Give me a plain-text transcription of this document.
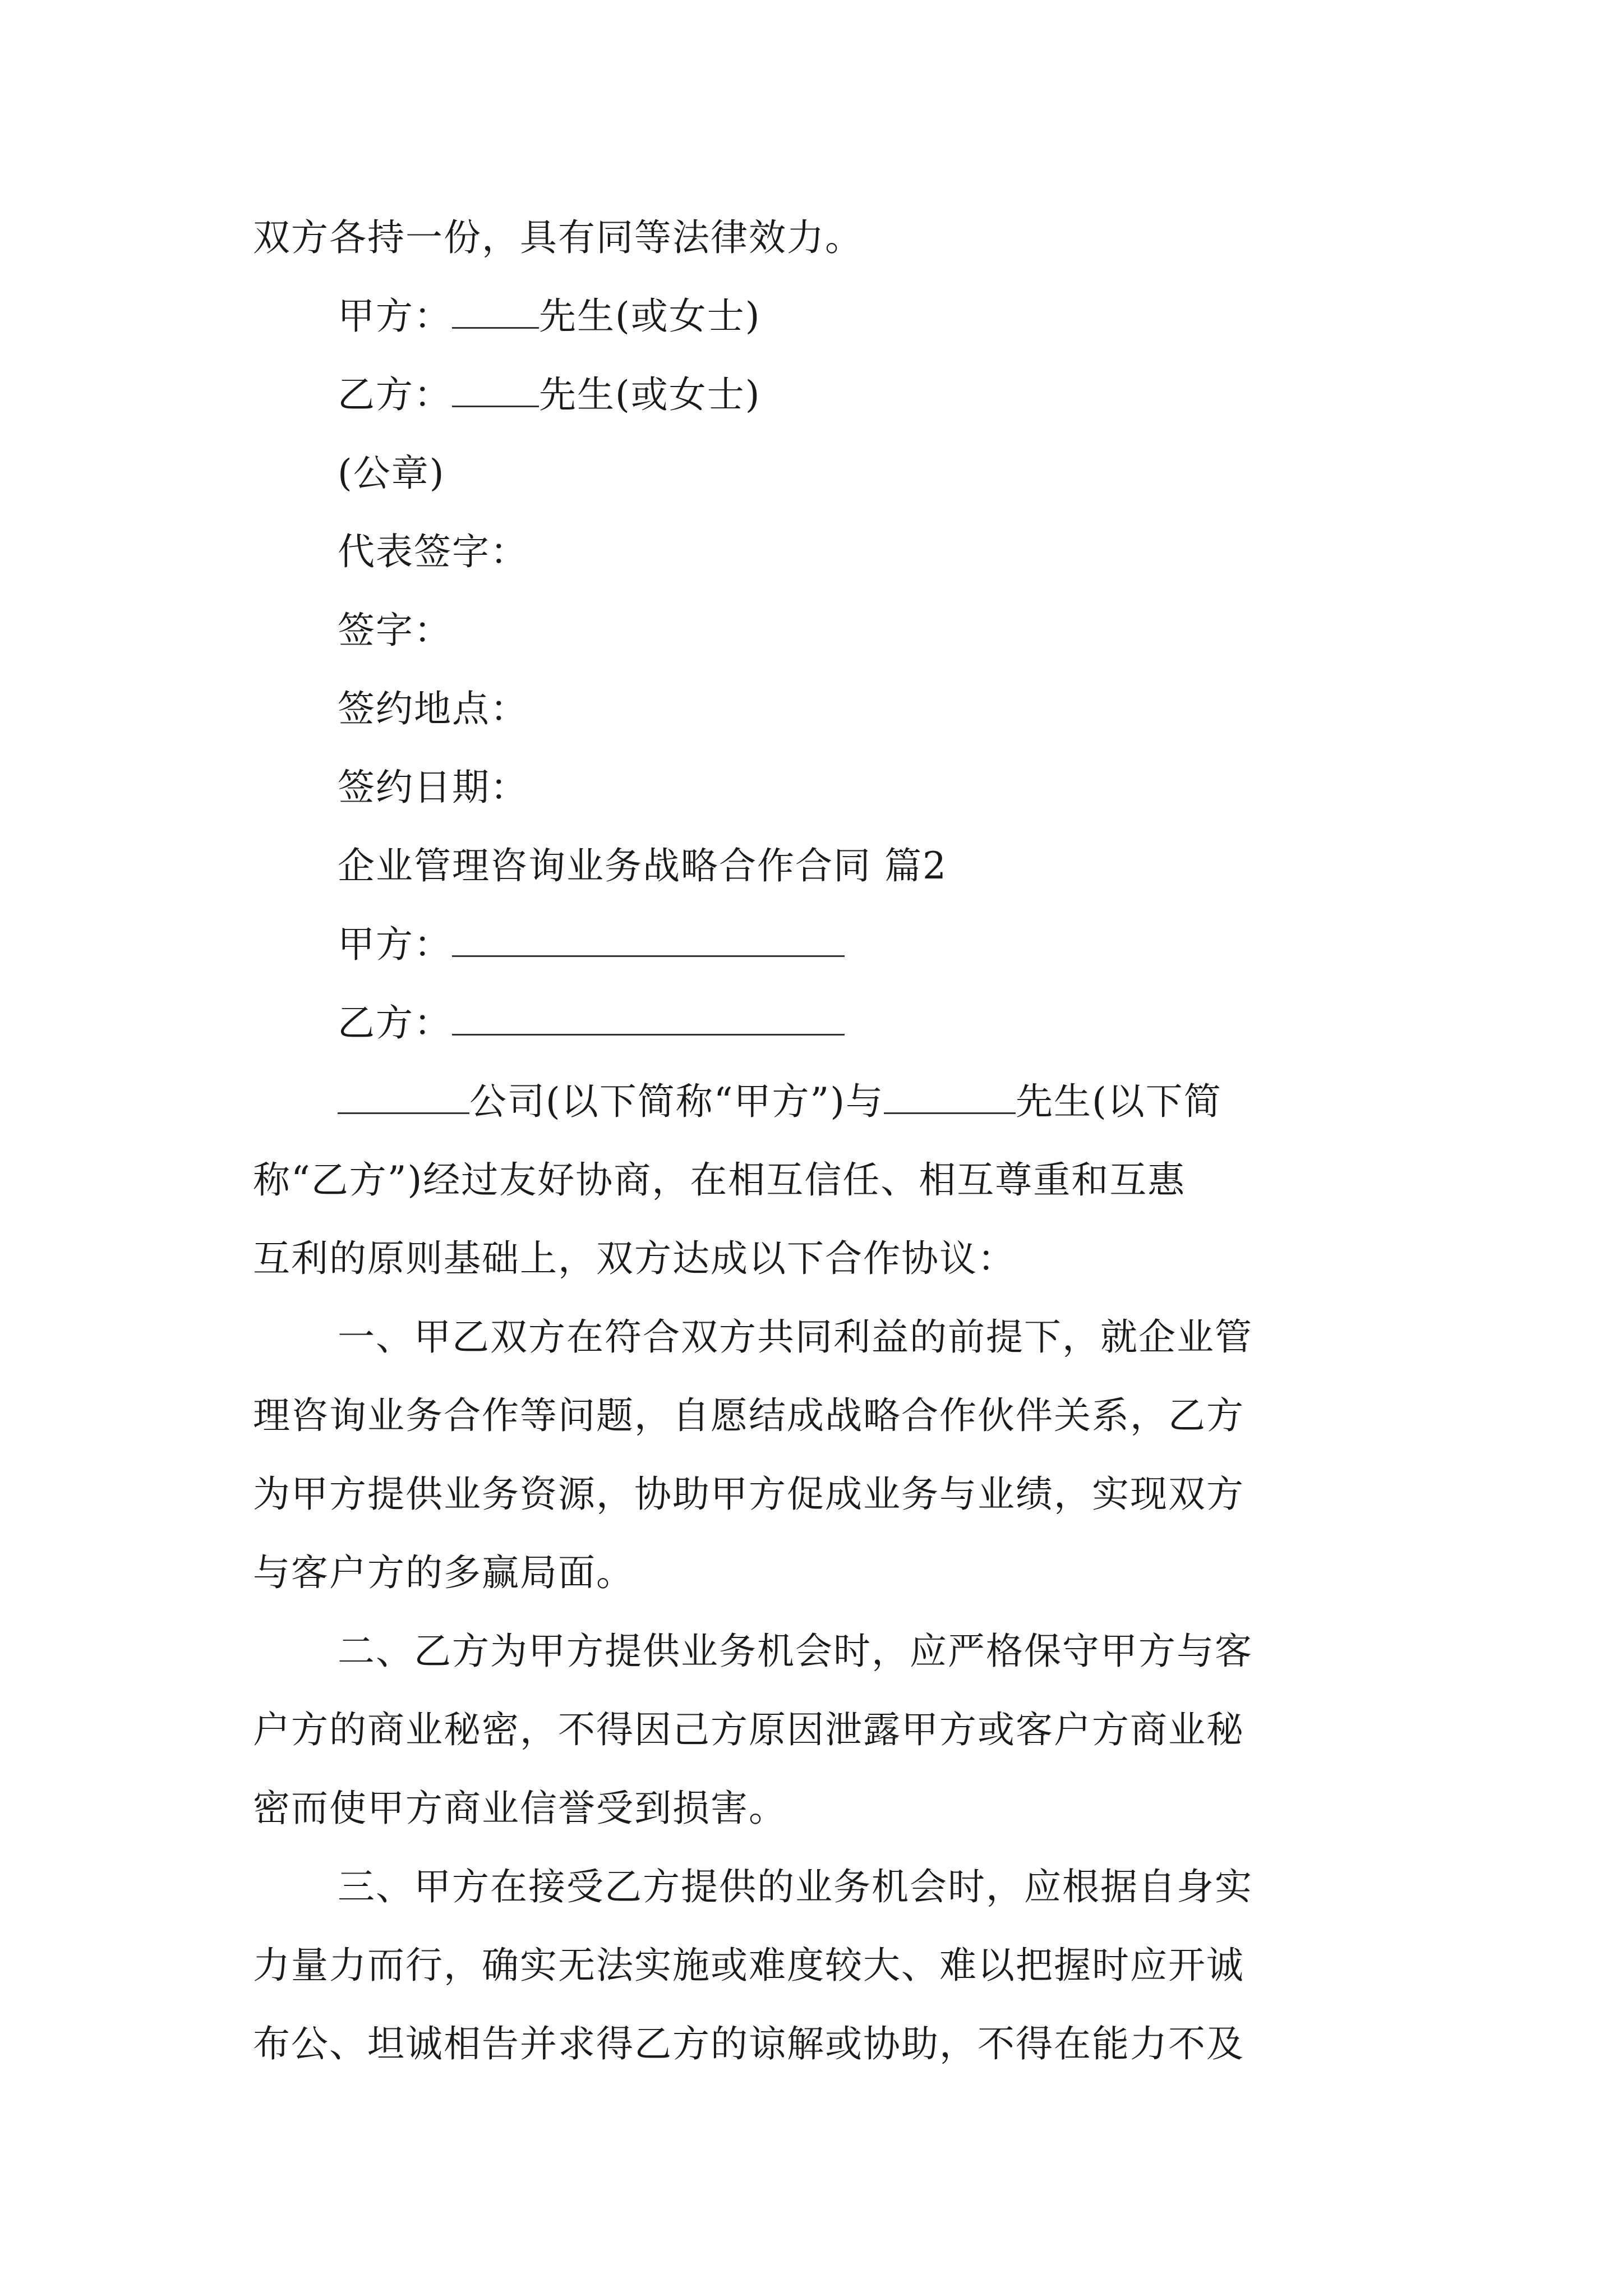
双方各持一份，具有同等法律效力。
甲方： 先生(或女士)
乙方： 先生(或女士)
(公章)
代表签字：
签字：
签约地点：
签约日期：
企业管理咨询业务战略合作合同 篇2
甲方：
乙方：
公司(以下简称“甲方”)与	先生(以下简
称“乙方”)经过友好协商，在相互信任、相互尊重和互惠
互利的原则基础上，双方达成以下合作协议：
一、甲乙双方在符合双方共同利益的前提下，就企业管
理咨询业务合作等问题，自愿结成战略合作伙伴关系，乙方
为甲方提供业务资源，协助甲方促成业务与业绩，实现双方
与客户方的多赢局面。
二、乙方为甲方提供业务机会时，应严格保守甲方与客
户方的商业秘密，不得因己方原因泄露甲方或客户方商业秘
密而使甲方商业信誉受到损害。
三、甲方在接受乙方提供的业务机会时，应根据自身实
力量力而行，确实无法实施或难度较大、难以把握时应开诚
布公、坦诚相告并求得乙方的谅解或协助，不得在能力不及
